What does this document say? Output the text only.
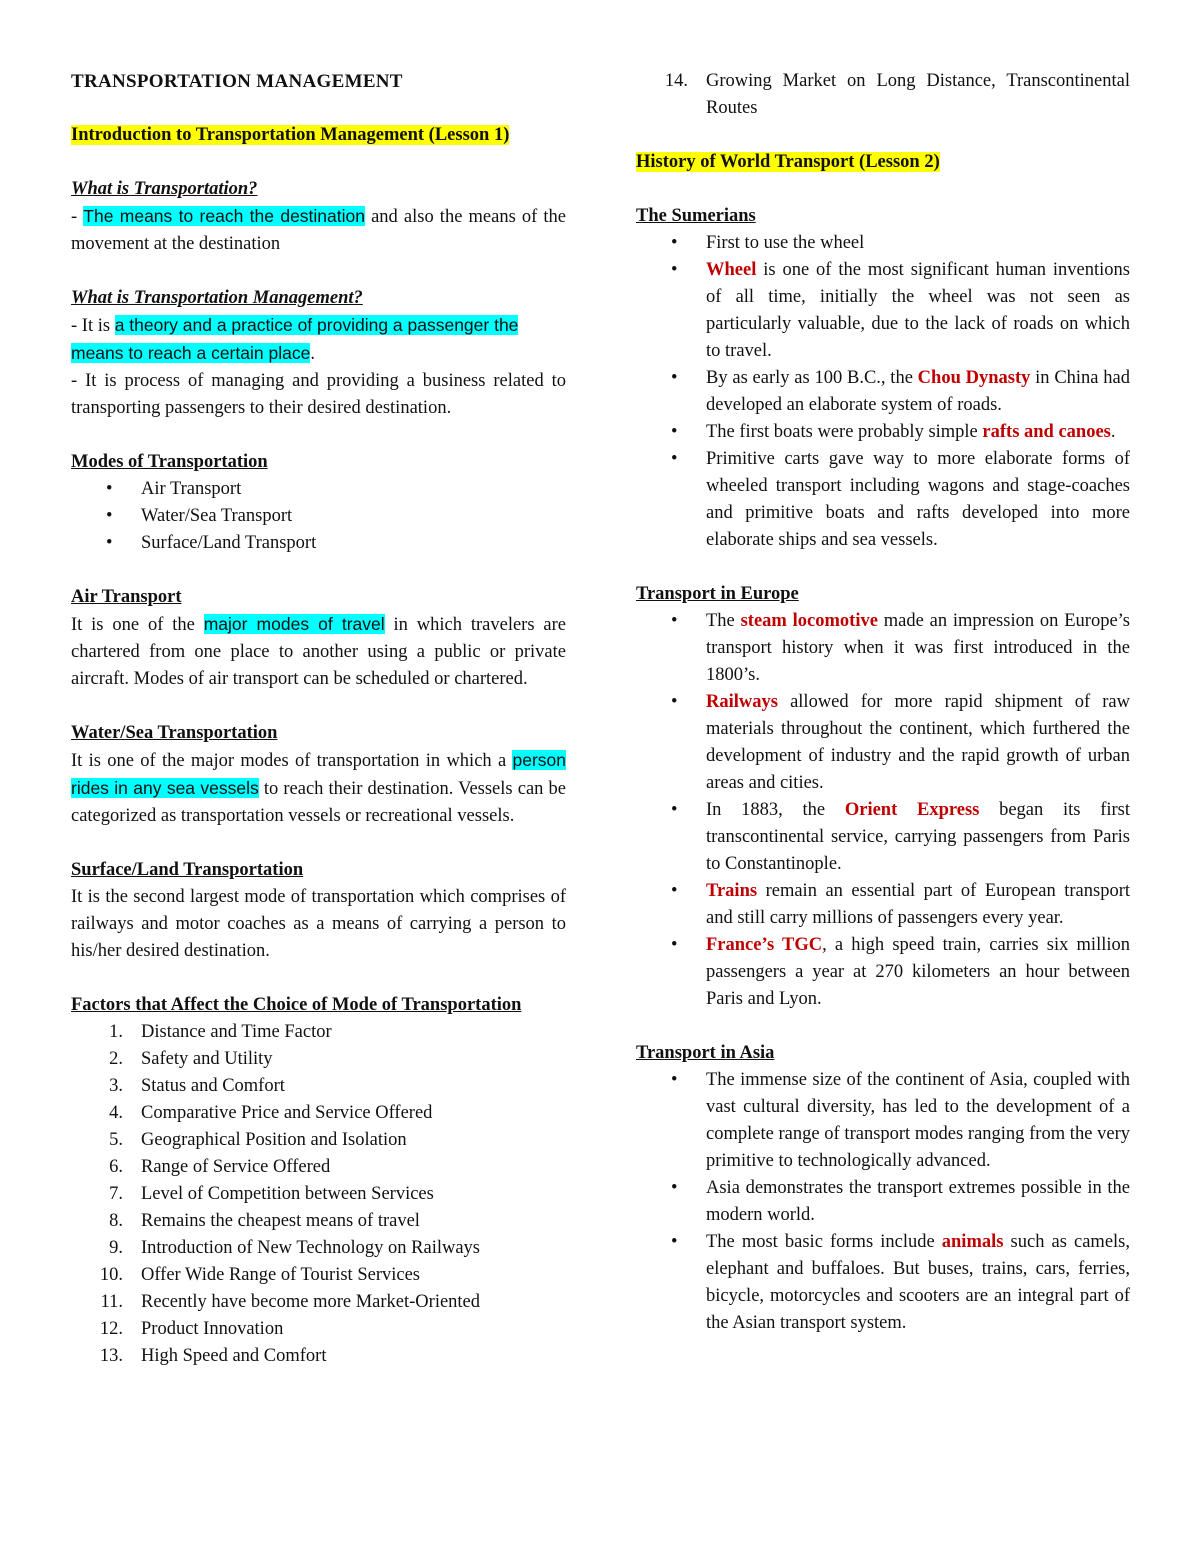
TRANSPORTATION MANAGEMENT
Introduction to Transportation Management (Lesson 1)
What is Transportation?
- The means to reach the destination and also the means of the movement at the destination
What is Transportation Management?
- It is a theory and a practice of providing a passenger the means to reach a certain place.
- It is process of managing and providing a business related to transporting passengers to their desired destination.
Modes of Transportation
• Air Transport
• Water/Sea Transport
• Surface/Land Transport
Air Transport
It is one of the major modes of travel in which travelers are chartered from one place to another using a public or private aircraft. Modes of air transport can be scheduled or chartered.
Water/Sea Transportation
It is one of the major modes of transportation in which a person rides in any sea vessels to reach their destination. Vessels can be categorized as transportation vessels or recreational vessels.
Surface/Land Transportation
It is the second largest mode of transportation which comprises of railways and motor coaches as a means of carrying a person to his/her desired destination.
Factors that Affect the Choice of Mode of Transportation
1. Distance and Time Factor
2. Safety and Utility
3. Status and Comfort
4. Comparative Price and Service Offered
5. Geographical Position and Isolation
6. Range of Service Offered
7. Level of Competition between Services
8. Remains the cheapest means of travel
9. Introduction of New Technology on Railways
10. Offer Wide Range of Tourist Services
11. Recently have become more Market-Oriented
12. Product Innovation
13. High Speed and Comfort
14. Growing Market on Long Distance, Transcontinental Routes
History of World Transport (Lesson 2)
The Sumerians
• First to use the wheel
• Wheel is one of the most significant human inventions of all time, initially the wheel was not seen as particularly valuable, due to the lack of roads on which to travel.
• By as early as 100 B.C., the Chou Dynasty in China had developed an elaborate system of roads.
• The first boats were probably simple rafts and canoes.
• Primitive carts gave way to more elaborate forms of wheeled transport including wagons and stage-coaches and primitive boats and rafts developed into more elaborate ships and sea vessels.
Transport in Europe
• The steam locomotive made an impression on Europe’s transport history when it was first introduced in the 1800’s.
• Railways allowed for more rapid shipment of raw materials throughout the continent, which furthered the development of industry and the rapid growth of urban areas and cities.
• In 1883, the Orient Express began its first transcontinental service, carrying passengers from Paris to Constantinople.
• Trains remain an essential part of European transport and still carry millions of passengers every year.
• France’s TGC, a high speed train, carries six million passengers a year at 270 kilometers an hour between Paris and Lyon.
Transport in Asia
• The immense size of the continent of Asia, coupled with vast cultural diversity, has led to the development of a complete range of transport modes ranging from the very primitive to technologically advanced.
• Asia demonstrates the transport extremes possible in the modern world.
• The most basic forms include animals such as camels, elephant and buffaloes. But buses, trains, cars, ferries, bicycle, motorcycles and scooters are an integral part of the Asian transport system.
